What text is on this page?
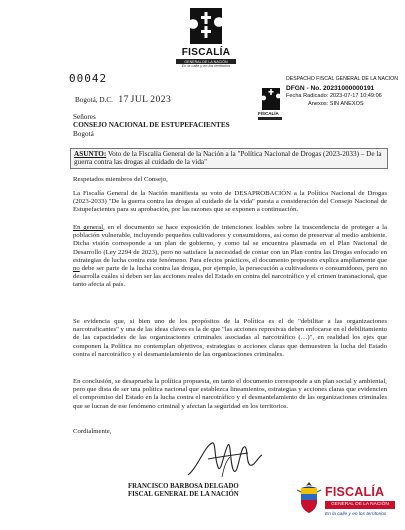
FISCALÍA
GENERAL DE LA NACIÓN
En la calle y en los territorios
00042	DESPACHO FISCAL GENERAL DE LA NACION
FISCALÍA
DFGN - No. 20231000000191
Fecha Radicado: 2023-07-17 10:49:06
Anexos: SIN ANEXOS
Bogotá, D.C. 17 JUL 2023
Señores
CONSEJO NACIONAL DE ESTUPEFACIENTES
Bogotá
ASUNTO: Voto de la Fiscalía General de la Nación a la "Política Nacional de Drogas (2023-2033) – De la guerra contra las drogas al cuidado de la vida"
Respetados miembros del Consejo,
La Fiscalía General de la Nación manifiesta su voto de DESAPROBACIÓN a la Política Nacional de Drogas (2023-2033) "De la guerra contra las drogas al cuidado de la vida" puesta a consideración del Consejo Nacional de Estupefacientes para su aprobación, por las razones que se exponen a continuación.
En general, en el documento se hace exposición de intenciones loables sobre la trascendencia de proteger a la población vulnerable, incluyendo pequeños cultivadores y consumidores, así como de preservar al medio ambiente. Dicha visión corresponde a un plan de gobierno, y como tal se encuentra plasmada en el Plan Nacional de Desarrollo (Ley 2294 de 2023), pero no satisface la necesidad de contar con un Plan contra las Drogas enfocado en estrategias de lucha contra este fenómeno. Para efectos prácticos, el documento propuesto explica ampliamente que no debe ser parte de la lucha contra las drogas, por ejemplo, la persecución a cultivadores o consumidores, pero no desarrolla cuáles sí deben ser las acciones reales del Estado en contra del narcotráfico y el crimen transnacional, que tanto afecta al país.
Se evidencia que, si bien uno de los propósitos de la Política es el de "debilitar a las organizaciones narcotraficantes" y una de las ideas claves es la de que "las acciones represivas deben enfocarse en el debilitamiento de las capacidades de las organizaciones criminales asociadas al narcotráfico (…)", en realidad los ejes que componen la Política no contemplan objetivos, estrategias o acciones claras que demuestren la lucha del Estado contra el narcotráfico y el desmantelamiento de las organizaciones criminales.
En conclusión, se desaprueba la política propuesta, en tanto el documento corresponde a un plan social y ambiental, pero que dista de ser una política nacional que establezca lineamientos, estrategias y acciones claras que evidencien el compromiso del Estado en la lucha contra el narcotráfico y el desmantelamiento de las organizaciones criminales que se lucran de ese fenómeno criminal y afectan la seguridad en los territorios.
Cordialmente,
FRANCISCO BARBOSA DELGADO
FISCAL GENERAL DE LA NACIÓN	FISCALÍA
GENERAL DE LA NACIÓN
En la calle y en los territorios
